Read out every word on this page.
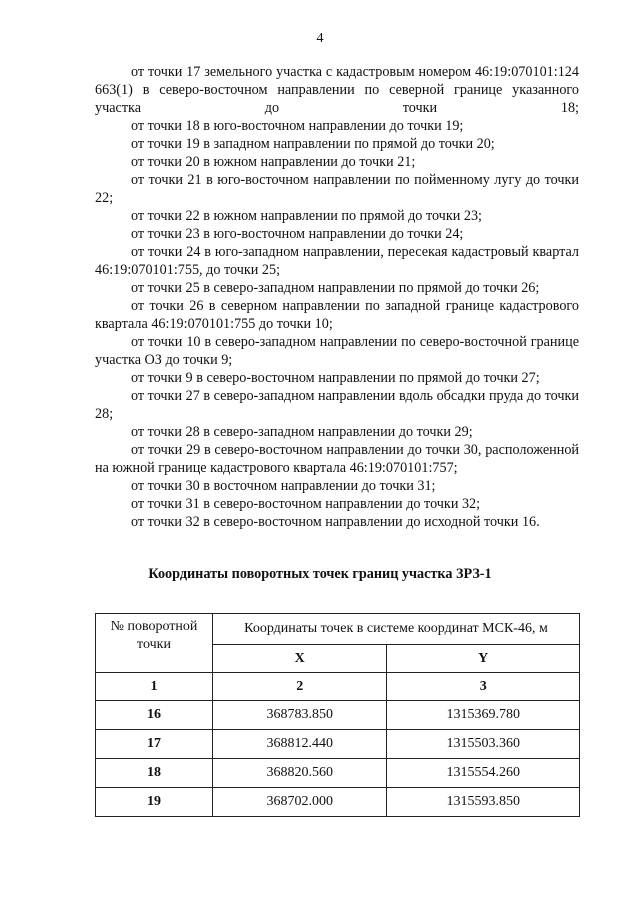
4

от точки 17 земельного участка с кадастровым номером 46:19:070101:124 663(1) в северо-восточном направлении по северной границе указанного участка до точки 18;

от точки 18 в юго-восточном направлении до точки 19;

от точки 19 в западном направлении по прямой до точки 20;

от точки 20 в южном направлении до точки 21;

от точки 21 в юго-восточном направлении по пойменному лугу до точки 22;

от точки 22 в южном направлении по прямой до точки 23;

от точки 23 в юго-восточном направлении до точки 24;

от точки 24 в юго-западном направлении, пересекая кадастровый квартал 46:19:070101:755, до точки 25;

от точки 25 в северо-западном направлении по прямой до точки 26;

от точки 26 в северном направлении по западной границе кадастрового квартала 46:19:070101:755 до точки 10;

от точки 10 в северо-западном направлении по северо-восточной границе участка ОЗ до точки 9;

от точки 9 в северо-восточном направлении по прямой до точки 27;

от точки 27 в северо-западном направлении вдоль обсадки пруда до точки 28;

от точки 28 в северо-западном направлении до точки 29;

от точки 29 в северо-восточном направлении до точки 30, расположенной на южной границе кадастрового квартала 46:19:070101:757;

от точки 30 в восточном направлении до точки 31;

от точки 31 в северо-восточном направлении до точки 32;

от точки 32 в северо-восточном направлении до исходной точки 16.

Координаты поворотных точек границ участка ЗРЗ-1
№ поворотной точки	Координаты точек в системе координат МСК-46, м	
	X	Y
1	2	3
16	368783.850	1315369.780
17	368812.440	1315503.360
18	368820.560	1315554.260
19	368702.000	1315593.850
